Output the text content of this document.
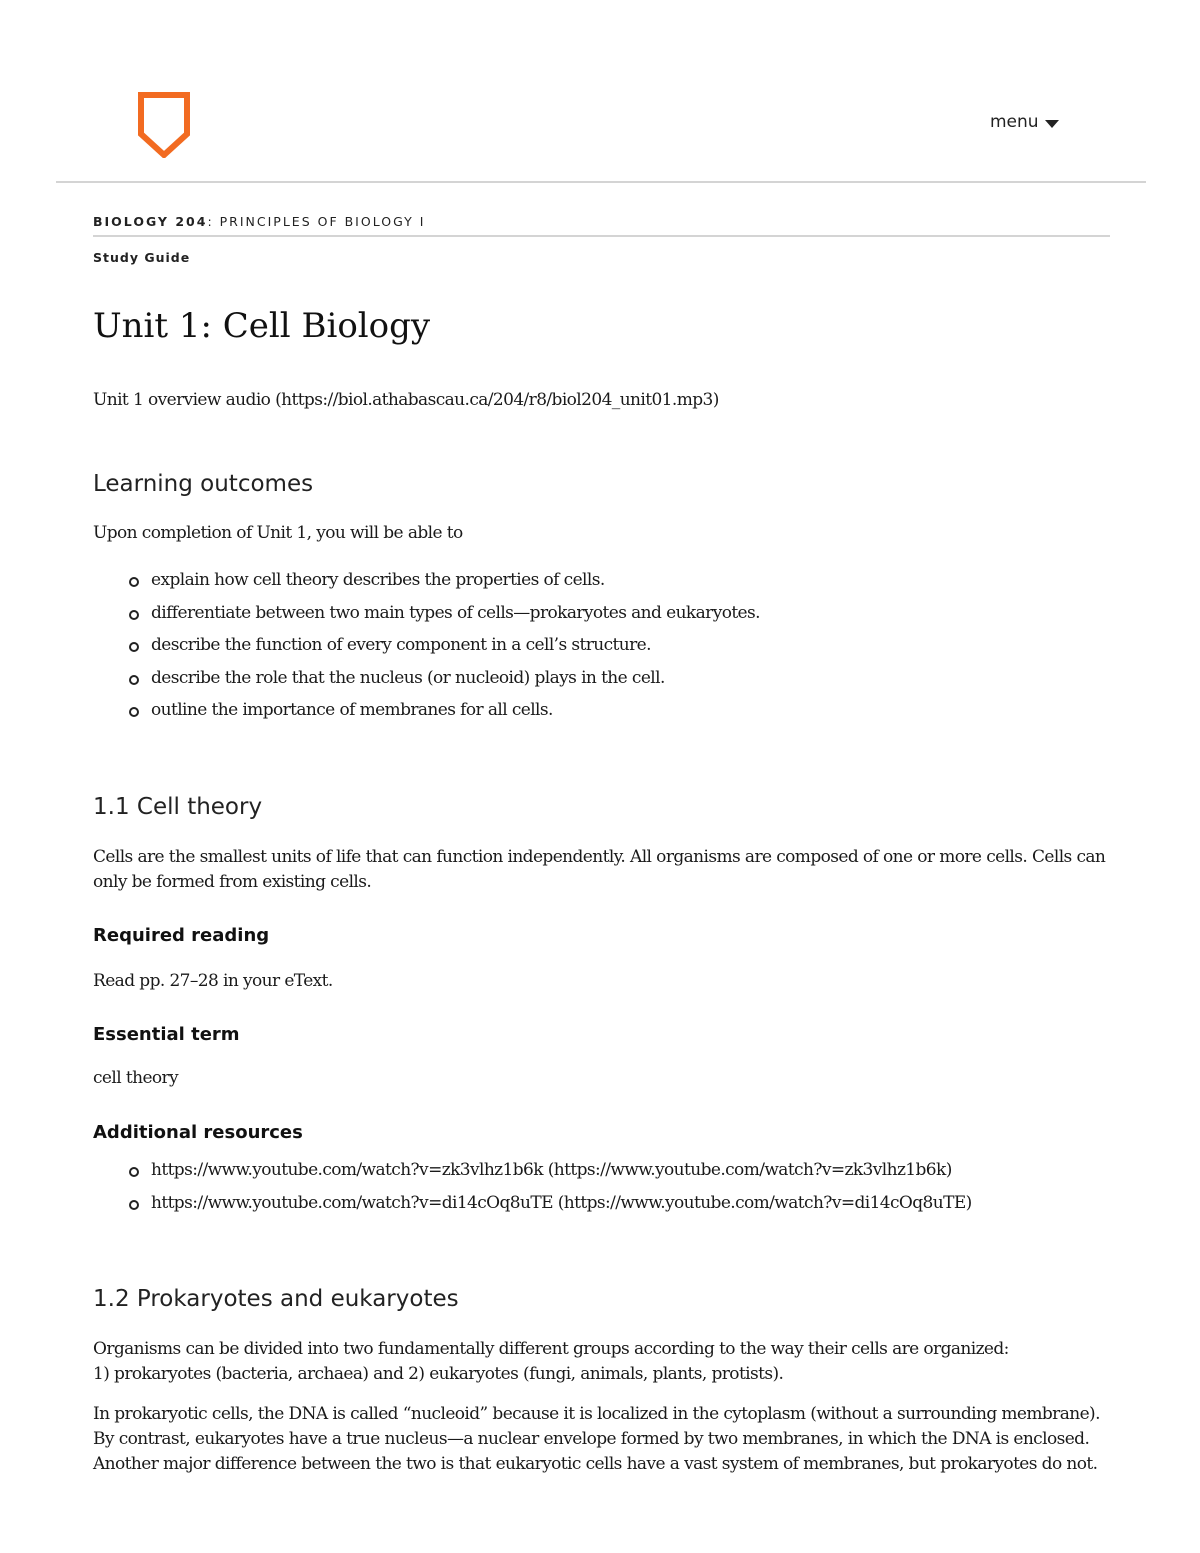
menu
BIOLOGY 204: PRINCIPLES OF BIOLOGY I
Study Guide
Unit 1: Cell Biology
Unit 1 overview audio (https://biol.athabascau.ca/204/r8/biol204_unit01.mp3)
Learning outcomes

Upon completion of Unit 1, you will be able to

explain how cell theory describes the properties of cells.
differentiate between two main types of cells—prokaryotes and eukaryotes.
describe the function of every component in a cell’s structure.
describe the role that the nucleus (or nucleoid) plays in the cell.
outline the importance of membranes for all cells.
1.1 Cell theory
Cells are the smallest units of life that can function independently. All organisms are composed of one or more cells. Cells can
only be formed from existing cells.
Required reading

Read pp. 27–28 in your eText.

Essential term

cell theory

Additional resources
https://www.youtube.com/watch?v=zk3vlhz1b6k (https://www.youtube.com/watch?v=zk3vlhz1b6k)
https://www.youtube.com/watch?v=di14cOq8uTE (https://www.youtube.com/watch?v=di14cOq8uTE)
1.2 Prokaryotes and eukaryotes
Organisms can be divided into two fundamentally different groups according to the way their cells are organized:
1) prokaryotes (bacteria, archaea) and 2) eukaryotes (fungi, animals, plants, protists).
In prokaryotic cells, the DNA is called “nucleoid” because it is localized in the cytoplasm (without a surrounding membrane).
By contrast, eukaryotes have a true nucleus—a nuclear envelope formed by two membranes, in which the DNA is enclosed.
Another major difference between the two is that eukaryotic cells have a vast system of membranes, but prokaryotes do not.
